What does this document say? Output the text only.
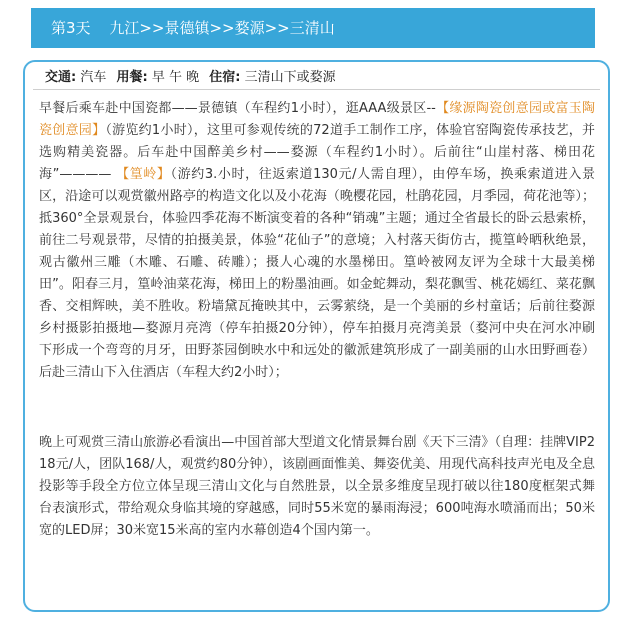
第3天 九江>>景德镇>>婺源>>三清山
交通: 汽车 用餐: 早 午 晚 住宿: 三清山下或婺源

早餐后乘车赴中国瓷都——景德镇（车程约1小时），逛AAA级景区--【缘源陶瓷创意园或富玉陶瓷创意园】（游览约1小时），这里可参观传统的72道手工制作工序，体验官窑陶瓷传承技艺，并选购精美瓷器。后车赴中国醉美乡村——婺源（车程约1小时）。后前往“山崖村落、梯田花海”———— 【篁岭】（游约3.小时，往返索道130元/人需自理），由停车场，换乘索道进入景区，沿途可以观赏徽州路亭的构造文化以及小花海（晚樱花园，杜鹃花园，月季园，荷花池等）；抵360°全景观景台，体验四季花海不断演变着的各种“销魂”主题；通过全省最长的卧云悬索桥，前往二号观景带，尽情的拍摄美景，体验“花仙子”的意境；入村落天街仿古，揽篁岭晒秋绝景，观古徽州三雕（木雕、石雕、砖雕）；摄人心魂的水墨梯田。篁岭被网友评为全球十大最美梯田”。阳春三月，篁岭油菜花海，梯田上的粉墨油画。如金蛇舞动，梨花飘雪、桃花嫣红、菜花飘香、交相辉映，美不胜收。粉墙黛瓦掩映其中，云雾萦绕，是一个美丽的乡村童话；后前往婺源乡村摄影拍摄地—婺源月亮湾（停车拍摄20分钟），停车拍摄月亮湾美景（婺河中央在河水冲刷下形成一个弯弯的月牙，田野茶园倒映水中和远处的徽派建筑形成了一副美丽的山水田野画卷）后赴三清山下入住酒店（车程大约2小时）；

晚上可观赏三清山旅游必看演出—中国首部大型道文化情景舞台剧《天下三清》（自理：挂牌VIP218元/人，团队168/人，观赏约80分钟），该剧画面惟美、舞姿优美、用现代高科技声光电及全息投影等手段全方位立体呈现三清山文化与自然胜景，以全景多维度呈现打破以往180度框架式舞台表演形式，带给观众身临其境的穿越感，同时55米宽的暴雨海浸；600吨海水喷涌而出；50米宽的LED屏；30米宽15米高的室内水幕创造4个国内第一。
